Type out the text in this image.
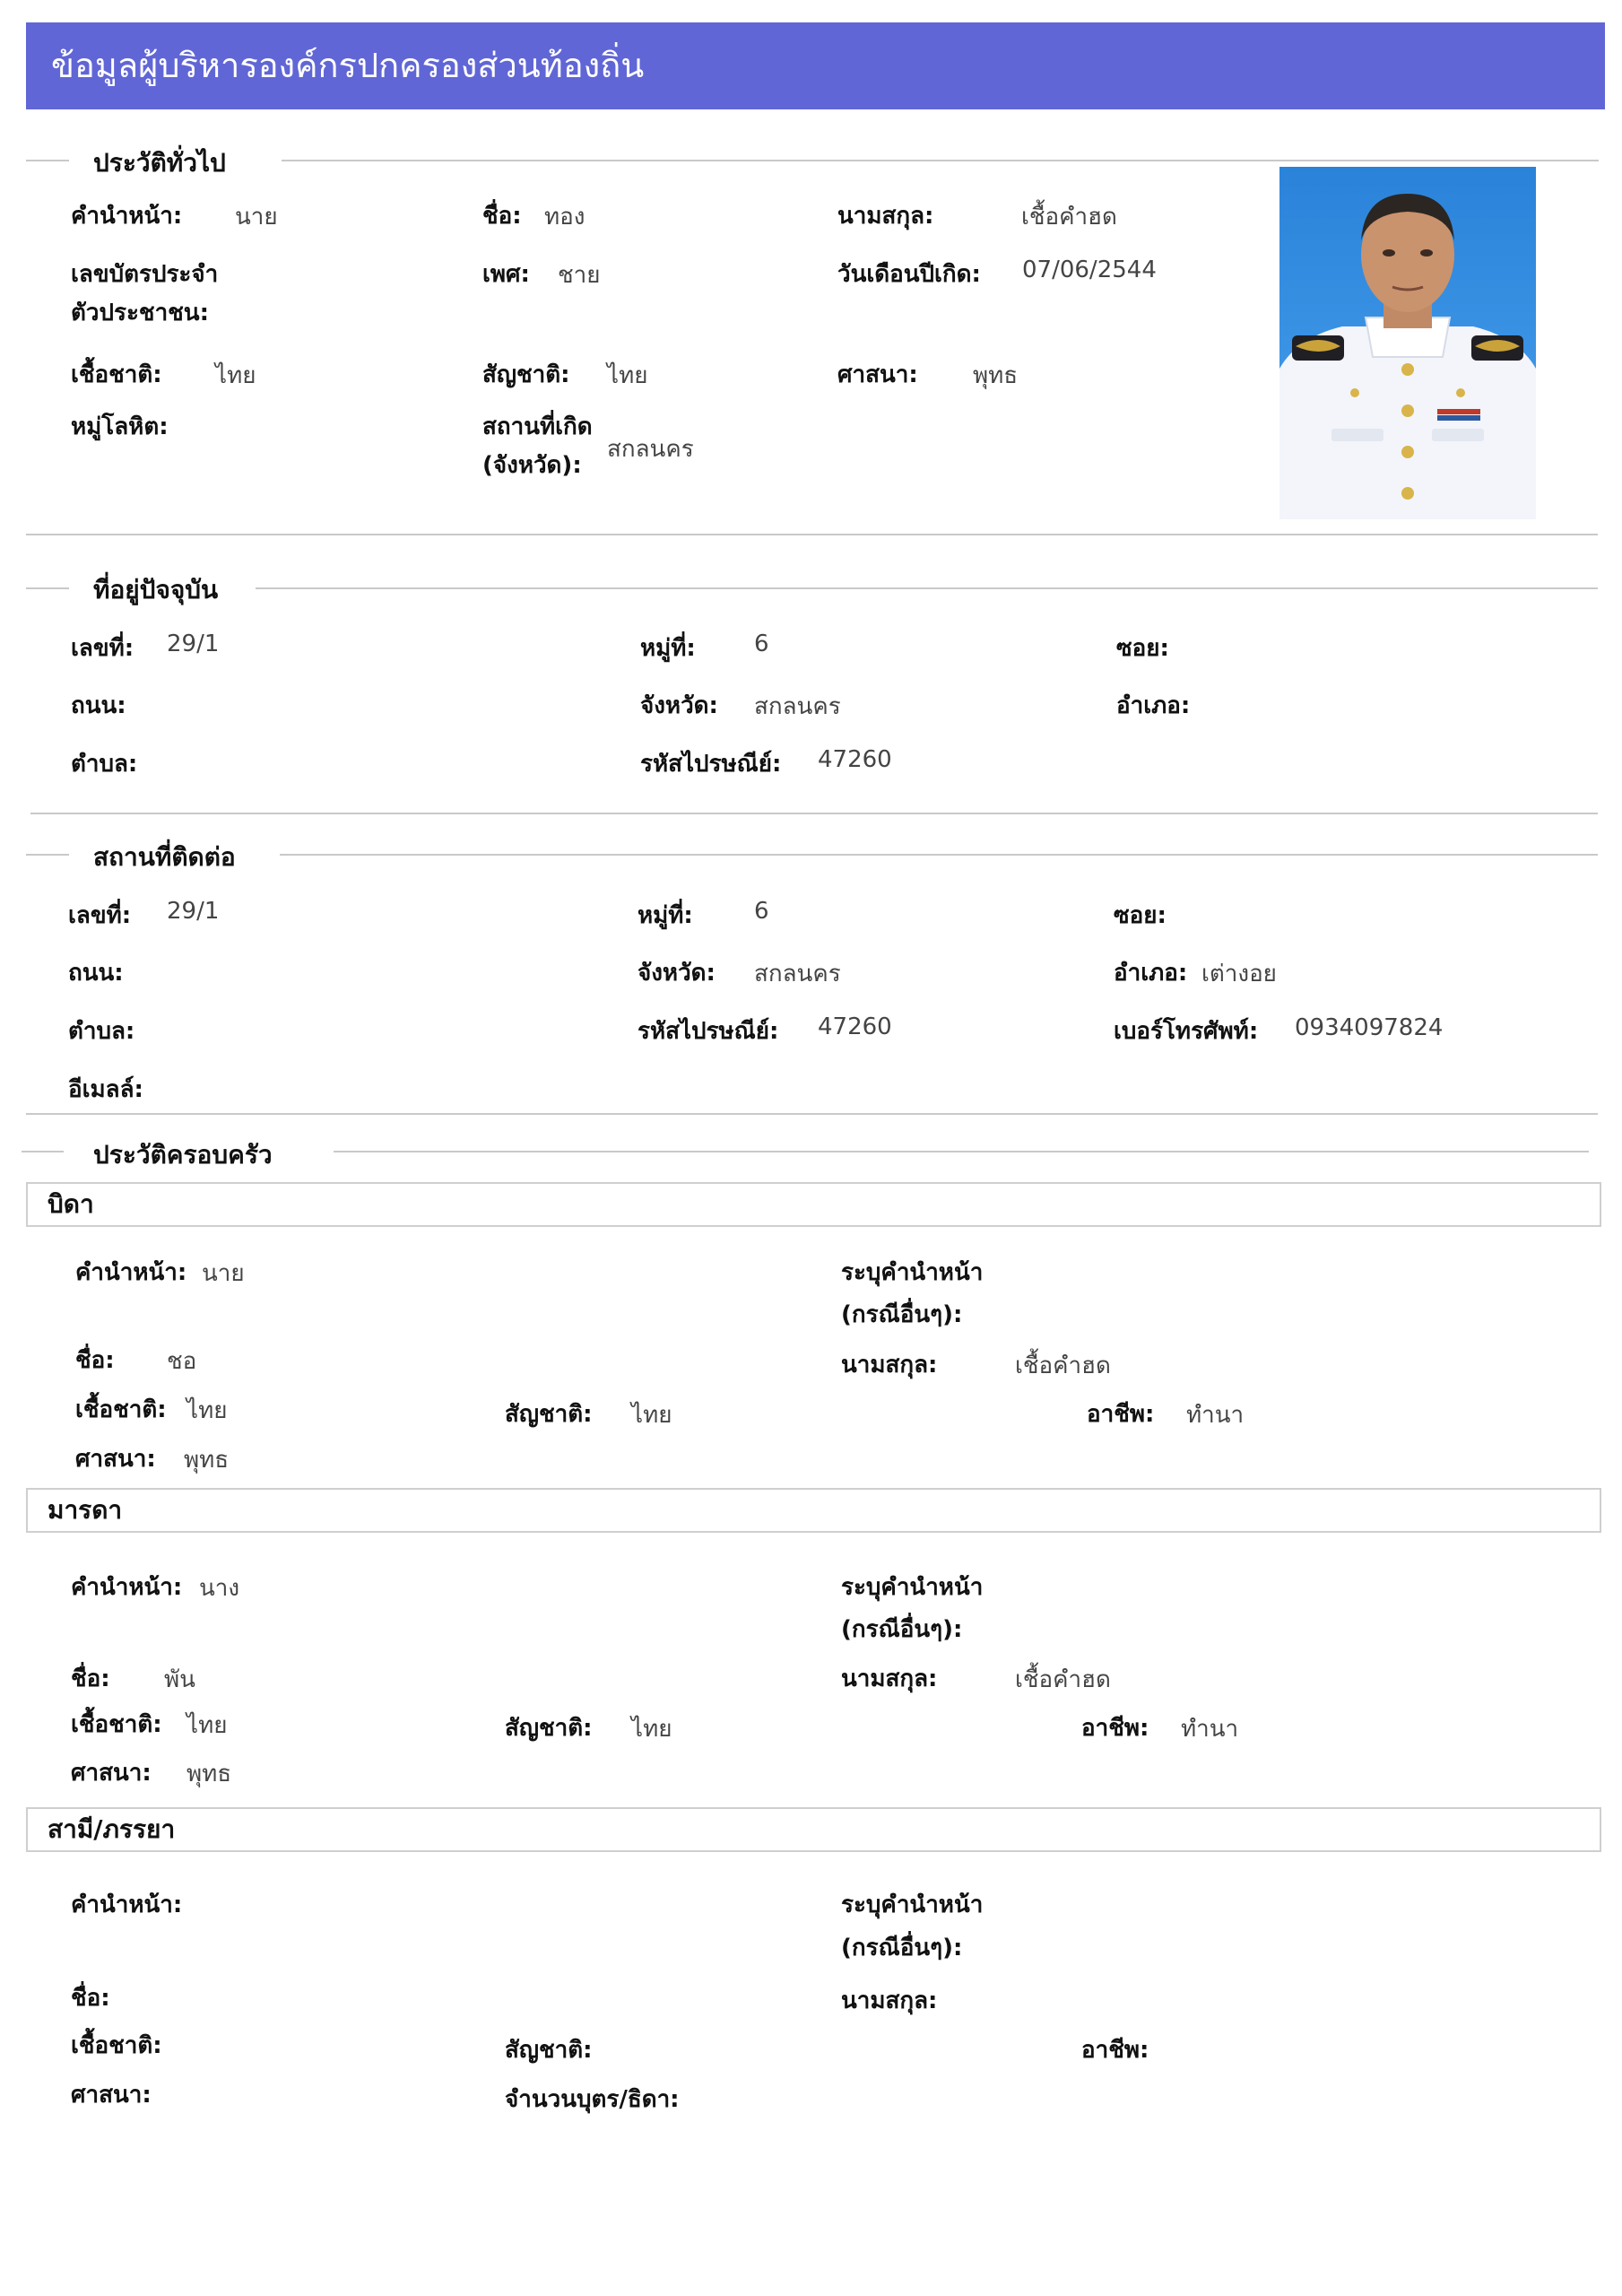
ข้อมูลผู้บริหารองค์กรปกครองส่วนท้องถิ่น
ประวัติทั่วไป
คำนำหน้า: นาย	ชื่อ: ทอง	นามสกุล:	เชื้อคำฮด
เลขบัตรประจำ
ตัวประชาชน:
เพศ: ชาย	วันเดือนปีเกิด: 07/06/2544
เชื้อชาติ: ไทย	สัญชาติ: ไทย	ศาสนา: พุทธ
หมู่โลหิต:	สถานที่เกิด
(จังหวัด):
สกลนคร
ที่อยู่ปัจจุบัน
เลขที่: 29/1	หมู่ที่:	6	ซอย:
ถนน:	จังหวัด: สกลนคร	อำเภอ:
ตำบล:	รหัสไปรษณีย์: 47260
สถานที่ติดต่อ
เลขที่: 29/1	หมู่ที่:	6	ซอย:
ถนน:	จังหวัด: สกลนคร	อำเภอ: เต่างอย
ตำบล:	รหัสไปรษณีย์: 47260	เบอร์โทรศัพท์: 0934097824
อีเมลล์:
ประวัติครอบครัว
บิดา
คำนำหน้า: นาย	ระบุคำนำหน้า
(กรณีอื่นๆ):
ชื่อ: ชอ	นามสกุล:	เชื้อคำฮด
เชื้อชาติ: ไทย	สัญชาติ: ไทย	อาชีพ: ทำนา
ศาสนา: พุทธ
มารดา
คำนำหน้า: นาง	ระบุคำนำหน้า
(กรณีอื่นๆ):
ชื่อ: พัน	นามสกุล:	เชื้อคำฮด
เชื้อชาติ: ไทย	สัญชาติ: ไทย	อาชีพ: ทำนา
ศาสนา: พุทธ
สามี/ภรรยา
คำนำหน้า:	ระบุคำนำหน้า
(กรณีอื่นๆ):
ชื่อ:	นามสกุล:
เชื้อชาติ:	สัญชาติ:	อาชีพ:
ศาสนา:	จำนวนบุตร/ธิดา:
